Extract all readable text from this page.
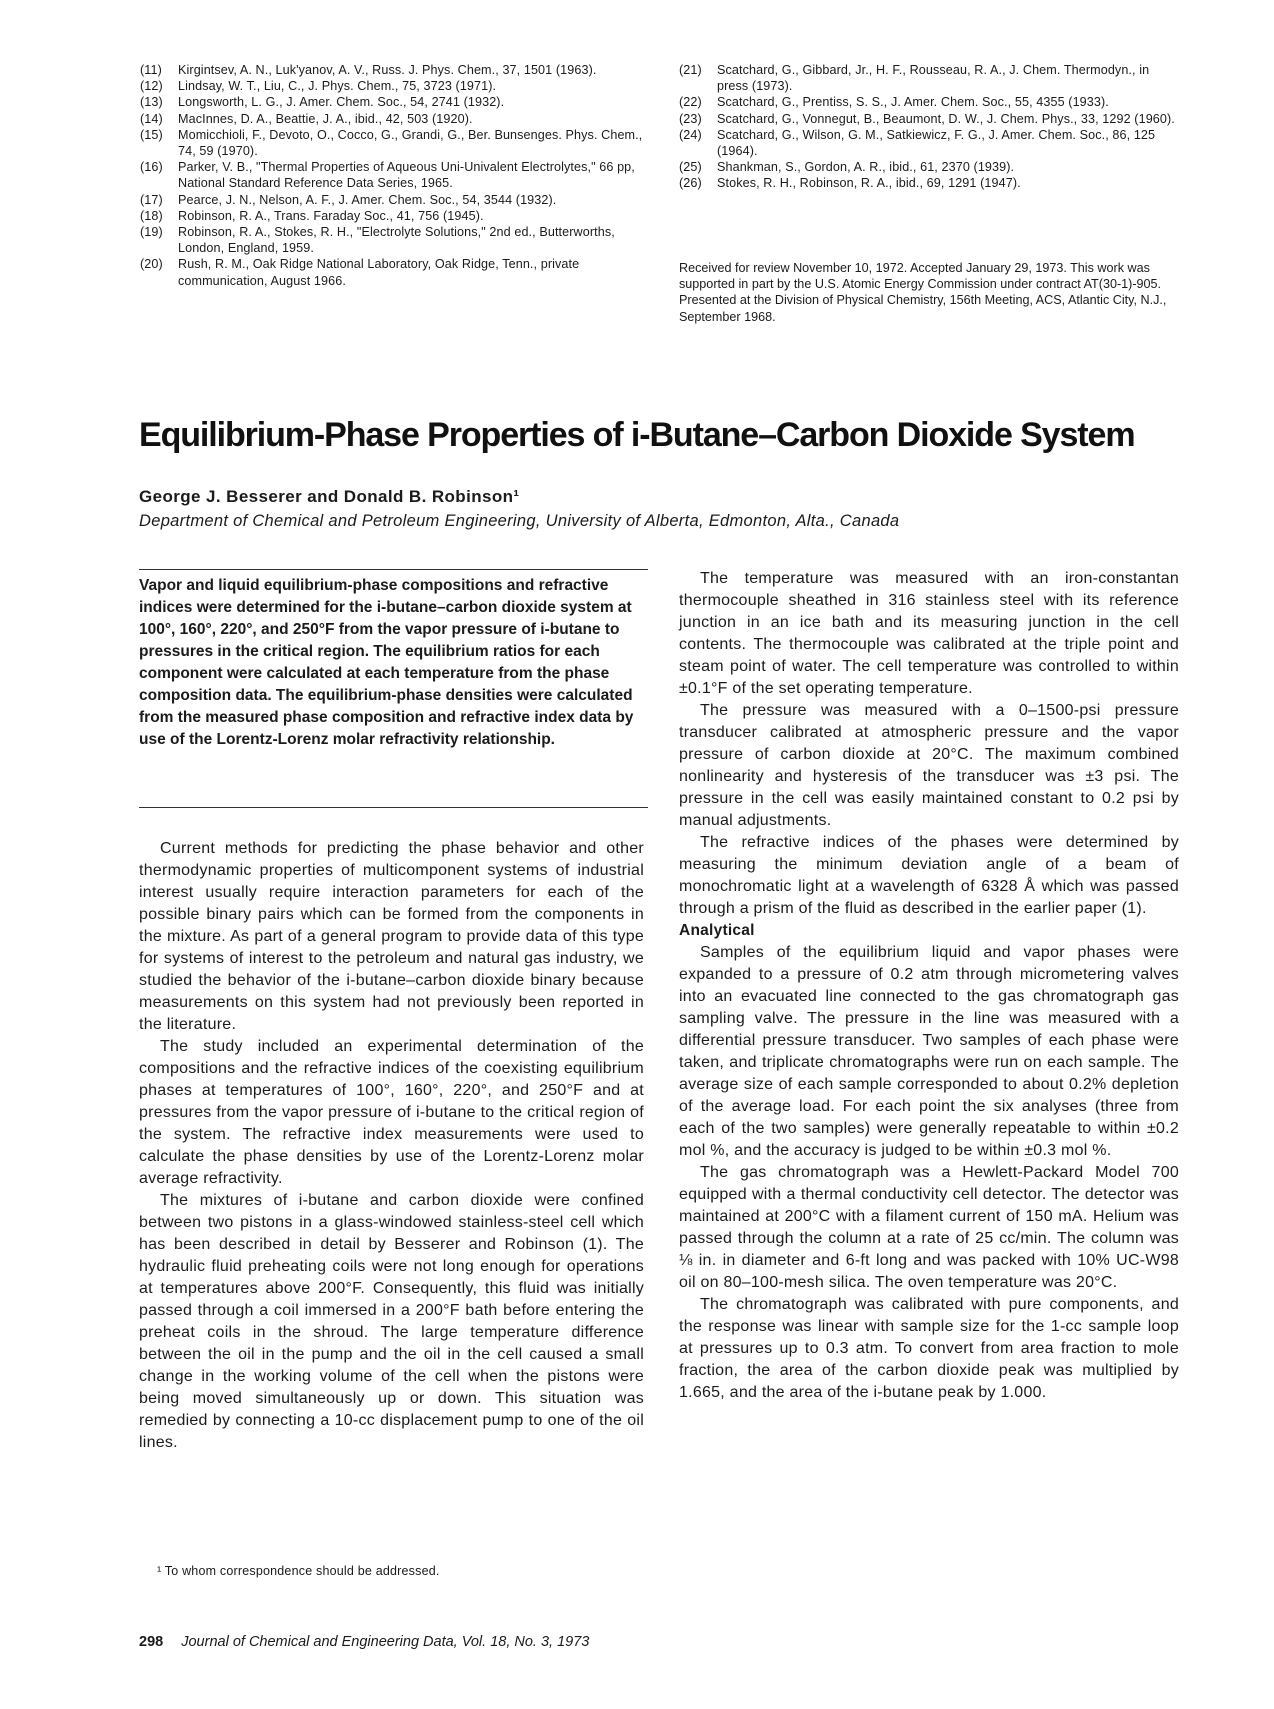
(11)	Kirgintsev, A. N., Luk'yanov, A. V., Russ. J. Phys. Chem., 37, 1501 (1963).
(12)	Lindsay, W. T., Liu, C., J. Phys. Chem., 75, 3723 (1971).
(13)	Longsworth, L. G., J. Amer. Chem. Soc., 54, 2741 (1932).
(14)	MacInnes, D. A., Beattie, J. A., ibid., 42, 503 (1920).
(15)	Momicchioli, F., Devoto, O., Cocco, G., Grandi, G., Ber. Bunsenges. Phys. Chem., 74, 59 (1970).
(16)	Parker, V. B., "Thermal Properties of Aqueous Uni-Univalent Electrolytes," 66 pp, National Standard Reference Data Series, 1965.
(17)	Pearce, J. N., Nelson, A. F., J. Amer. Chem. Soc., 54, 3544 (1932).
(18)	Robinson, R. A., Trans. Faraday Soc., 41, 756 (1945).
(19)	Robinson, R. A., Stokes, R. H., "Electrolyte Solutions," 2nd ed., Butterworths, London, England, 1959.
(20)	Rush, R. M., Oak Ridge National Laboratory, Oak Ridge, Tenn., private communication, August 1966.
(21)	Scatchard, G., Gibbard, Jr., H. F., Rousseau, R. A., J. Chem. Thermodyn., in press (1973).
(22)	Scatchard, G., Prentiss, S. S., J. Amer. Chem. Soc., 55, 4355 (1933).
(23)	Scatchard, G., Vonnegut, B., Beaumont, D. W., J. Chem. Phys., 33, 1292 (1960).
(24)	Scatchard, G., Wilson, G. M., Satkiewicz, F. G., J. Amer. Chem. Soc., 86, 125 (1964).
(25)	Shankman, S., Gordon, A. R., ibid., 61, 2370 (1939).
(26)	Stokes, R. H., Robinson, R. A., ibid., 69, 1291 (1947).
Received for review November 10, 1972. Accepted January 29, 1973. This work was supported in part by the U.S. Atomic Energy Commission under contract AT(30-1)-905. Presented at the Division of Physical Chemistry, 156th Meeting, ACS, Atlantic City, N.J., September 1968.
Equilibrium-Phase Properties of i-Butane–Carbon Dioxide System
George J. Besserer and Donald B. Robinson¹
Department of Chemical and Petroleum Engineering, University of Alberta, Edmonton, Alta., Canada

Vapor and liquid equilibrium-phase compositions and refractive indices were determined for the i-butane–carbon dioxide system at 100°, 160°, 220°, and 250°F from the vapor pressure of i-butane to pressures in the critical region. The equilibrium ratios for each component were calculated at each temperature from the phase composition data. The equilibrium-phase densities were calculated from the measured phase composition and refractive index data by use of the Lorentz-Lorenz molar refractivity relationship.

Current methods for predicting the phase behavior and other thermodynamic properties of multicomponent systems of industrial interest usually require interaction parameters for each of the possible binary pairs which can be formed from the components in the mixture. As part of a general program to provide data of this type for systems of interest to the petroleum and natural gas industry, we studied the behavior of the i-butane–carbon dioxide binary because measurements on this system had not previously been reported in the literature.

The study included an experimental determination of the compositions and the refractive indices of the coexisting equilibrium phases at temperatures of 100°, 160°, 220°, and 250°F and at pressures from the vapor pressure of i-butane to the critical region of the system. The refractive index measurements were used to calculate the phase densities by use of the Lorentz-Lorenz molar average refractivity.

The mixtures of i-butane and carbon dioxide were confined between two pistons in a glass-windowed stainless-steel cell which has been described in detail by Besserer and Robinson (1). The hydraulic fluid preheating coils were not long enough for operations at temperatures above 200°F. Consequently, this fluid was initially passed through a coil immersed in a 200°F bath before entering the preheat coils in the shroud. The large temperature difference between the oil in the pump and the oil in the cell caused a small change in the working volume of the cell when the pistons were being moved simultaneously up or down. This situation was remedied by connecting a 10-cc displacement pump to one of the oil lines.

The temperature was measured with an iron-constantan thermocouple sheathed in 316 stainless steel with its reference junction in an ice bath and its measuring junction in the cell contents. The thermocouple was calibrated at the triple point and steam point of water. The cell temperature was controlled to within ±0.1°F of the set operating temperature.

The pressure was measured with a 0–1500-psi pressure transducer calibrated at atmospheric pressure and the vapor pressure of carbon dioxide at 20°C. The maximum combined nonlinearity and hysteresis of the transducer was ±3 psi. The pressure in the cell was easily maintained constant to 0.2 psi by manual adjustments.

The refractive indices of the phases were determined by measuring the minimum deviation angle of a beam of monochromatic light at a wavelength of 6328 Å which was passed through a prism of the fluid as described in the earlier paper (1).

Analytical

Samples of the equilibrium liquid and vapor phases were expanded to a pressure of 0.2 atm through micrometering valves into an evacuated line connected to the gas chromatograph gas sampling valve. The pressure in the line was measured with a differential pressure transducer. Two samples of each phase were taken, and triplicate chromatographs were run on each sample. The average size of each sample corresponded to about 0.2% depletion of the average load. For each point the six analyses (three from each of the two samples) were generally repeatable to within ±0.2 mol %, and the accuracy is judged to be within ±0.3 mol %.

The gas chromatograph was a Hewlett-Packard Model 700 equipped with a thermal conductivity cell detector. The detector was maintained at 200°C with a filament current of 150 mA. Helium was passed through the column at a rate of 25 cc/min. The column was ⅛ in. in diameter and 6-ft long and was packed with 10% UC-W98 oil on 80–100-mesh silica. The oven temperature was 20°C.

The chromatograph was calibrated with pure components, and the response was linear with sample size for the 1-cc sample loop at pressures up to 0.3 atm. To convert from area fraction to mole fraction, the area of the carbon dioxide peak was multiplied by 1.665, and the area of the i-butane peak by 1.000.

¹ To whom correspondence should be addressed.
298 Journal of Chemical and Engineering Data, Vol. 18, No. 3, 1973
